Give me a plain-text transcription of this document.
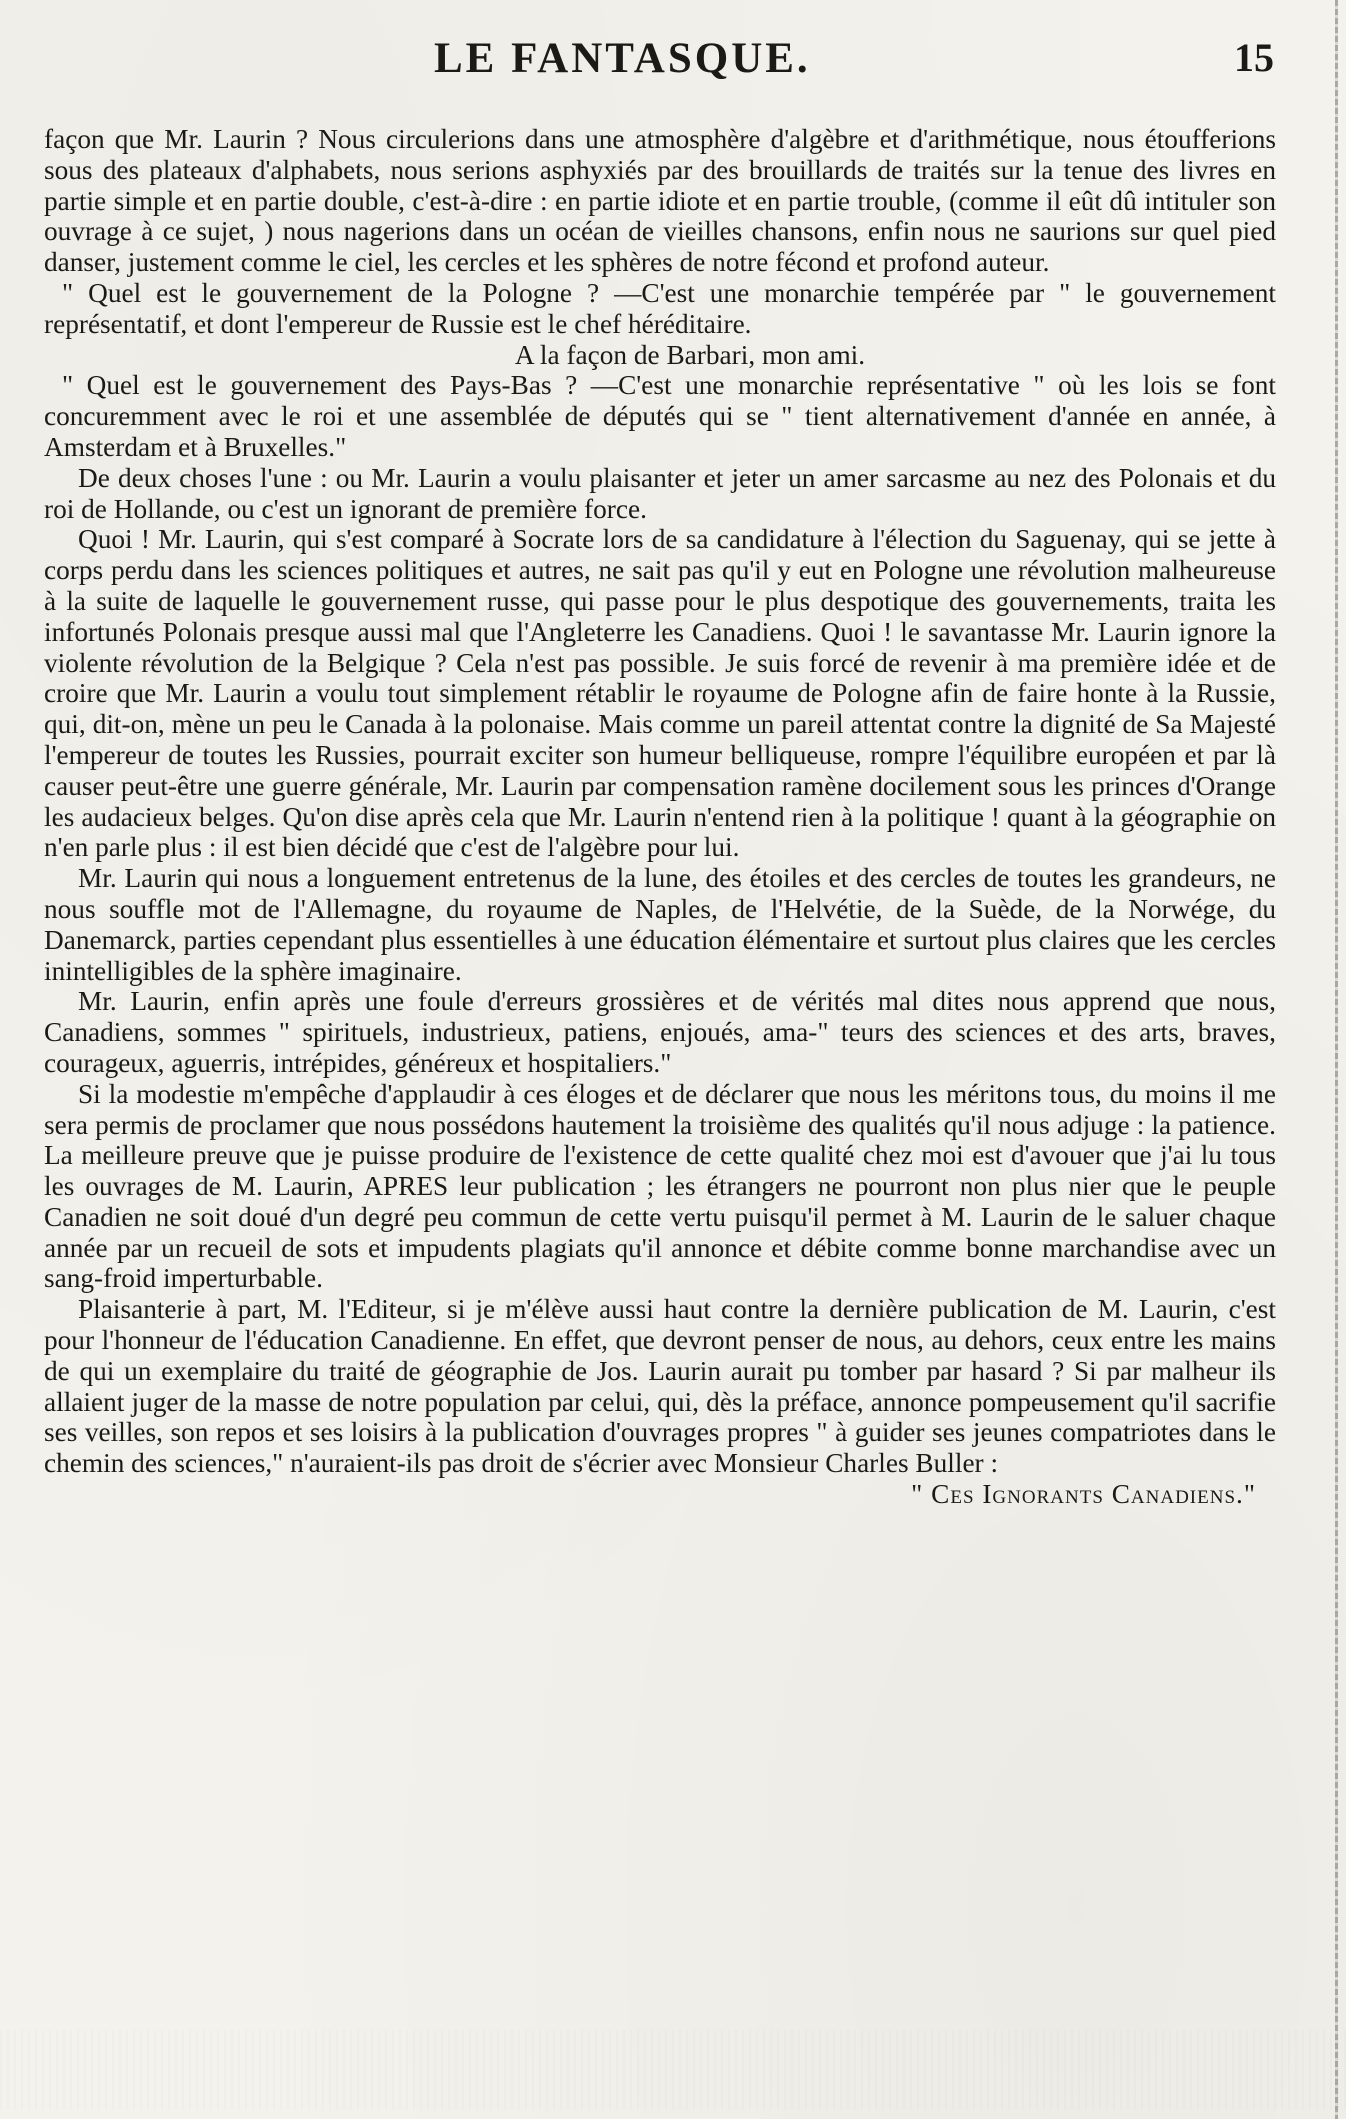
LE FANTASQUE.	15

façon que Mr. Laurin ? Nous circulerions dans une atmosphère d'algèbre et d'arithmétique, nous étoufferions sous des plateaux d'alphabets, nous serions asphyxiés par des brouillards de traités sur la tenue des livres en partie simple et en partie double, c'est-à-dire : en partie idiote et en partie trouble, (comme il eût dû intituler son ouvrage à ce sujet, ) nous nagerions dans un océan de vieilles chansons, enfin nous ne saurions sur quel pied danser, justement comme le ciel, les cercles et les sphères de notre fécond et profond auteur.

" Quel est le gouvernement de la Pologne ? —C'est une monarchie tempérée par " le gouvernement représentatif, et dont l'empereur de Russie est le chef héréditaire.

A la façon de Barbari, mon ami.

" Quel est le gouvernement des Pays-Bas ? —C'est une monarchie représentative " où les lois se font concuremment avec le roi et une assemblée de députés qui se " tient alternativement d'année en année, à Amsterdam et à Bruxelles."

De deux choses l'une : ou Mr. Laurin a voulu plaisanter et jeter un amer sarcasme au nez des Polonais et du roi de Hollande, ou c'est un ignorant de première force.

Quoi ! Mr. Laurin, qui s'est comparé à Socrate lors de sa candidature à l'élection du Saguenay, qui se jette à corps perdu dans les sciences politiques et autres, ne sait pas qu'il y eut en Pologne une révolution malheureuse à la suite de laquelle le gouvernement russe, qui passe pour le plus despotique des gouvernements, traita les infortunés Polonais presque aussi mal que l'Angleterre les Canadiens. Quoi ! le savantasse Mr. Laurin ignore la violente révolution de la Belgique ? Cela n'est pas possible. Je suis forcé de revenir à ma première idée et de croire que Mr. Laurin a voulu tout simplement rétablir le royaume de Pologne afin de faire honte à la Russie, qui, dit-on, mène un peu le Canada à la polonaise. Mais comme un pareil attentat contre la dignité de Sa Majesté l'empereur de toutes les Russies, pourrait exciter son humeur belliqueuse, rompre l'équilibre européen et par là causer peut-être une guerre générale, Mr. Laurin par compensation ramène docilement sous les princes d'Orange les audacieux belges. Qu'on dise après cela que Mr. Laurin n'entend rien à la politique ! quant à la géographie on n'en parle plus : il est bien décidé que c'est de l'algèbre pour lui.

Mr. Laurin qui nous a longuement entretenus de la lune, des étoiles et des cercles de toutes les grandeurs, ne nous souffle mot de l'Allemagne, du royaume de Naples, de l'Helvétie, de la Suède, de la Norwége, du Danemarck, parties cependant plus essentielles à une éducation élémentaire et surtout plus claires que les cercles inintelligibles de la sphère imaginaire.

Mr. Laurin, enfin après une foule d'erreurs grossières et de vérités mal dites nous apprend que nous, Canadiens, sommes " spirituels, industrieux, patiens, enjoués, ama-" teurs des sciences et des arts, braves, courageux, aguerris, intrépides, généreux et hospitaliers."

Si la modestie m'empêche d'applaudir à ces éloges et de déclarer que nous les méritons tous, du moins il me sera permis de proclamer que nous possédons hautement la troisième des qualités qu'il nous adjuge : la patience. La meilleure preuve que je puisse produire de l'existence de cette qualité chez moi est d'avouer que j'ai lu tous les ouvrages de M. Laurin, APRES leur publication ; les étrangers ne pourront non plus nier que le peuple Canadien ne soit doué d'un degré peu commun de cette vertu puisqu'il permet à M. Laurin de le saluer chaque année par un recueil de sots et impudents plagiats qu'il annonce et débite comme bonne marchandise avec un sang-froid imperturbable.

Plaisanterie à part, M. l'Editeur, si je m'élève aussi haut contre la dernière publication de M. Laurin, c'est pour l'honneur de l'éducation Canadienne. En effet, que devront penser de nous, au dehors, ceux entre les mains de qui un exemplaire du traité de géographie de Jos. Laurin aurait pu tomber par hasard ? Si par malheur ils allaient juger de la masse de notre population par celui, qui, dès la préface, annonce pompeusement qu'il sacrifie ses veilles, son repos et ses loisirs à la publication d'ouvrages propres " à guider ses jeunes compatriotes dans le chemin des sciences," n'auraient-ils pas droit de s'écrier avec Monsieur Charles Buller :

" Ces Ignorants Canadiens."
